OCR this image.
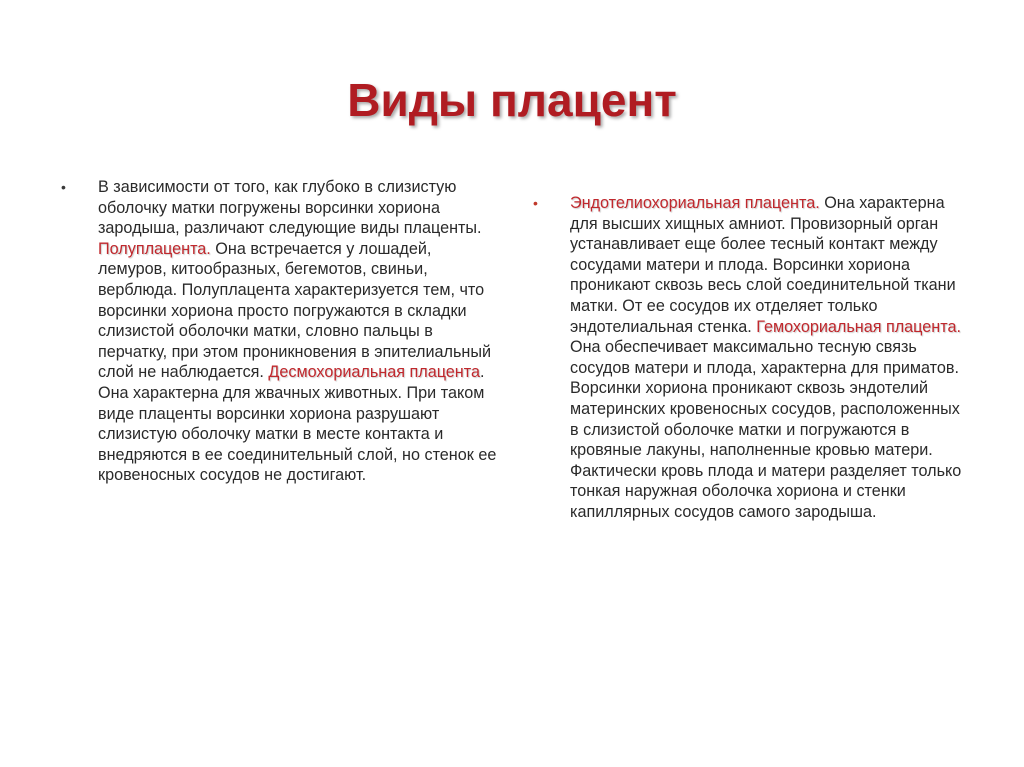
Виды плацент
• В зависимости от того, как глубоко в слизистую оболочку матки погружены ворсинки хориона зародыша, различают следующие виды плаценты. Полуплацента. Она встречается у лошадей, лемуров, китообразных, бегемотов, свиньи, верблюда. Полуплацента характеризуется тем, что ворсинки хориона просто погружаются в складки слизистой оболочки матки, словно пальцы в перчатку, при этом проникновения в эпителиальный слой не наблюдается. Десмохориальная плацента. Она характерна для жвачных животных. При таком виде плаценты ворсинки хориона разрушают слизистую оболочку матки в месте контакта и внедряются в ее соединительный слой, но стенок ее кровеносных сосудов не достигают.

• Эндотелиохориальная плацента. Она характерна для высших хищных амниот. Провизорный орган устанавливает еще более тесный контакт между сосудами матери и плода. Ворсинки хориона проникают сквозь весь слой соединительной ткани матки. От ее сосудов их отделяет только эндотелиальная стенка. Гемохориальная плацента. Она обеспечивает максимально тесную связь сосудов матери и плода, характерна для приматов. Ворсинки хориона проникают сквозь эндотелий материнских кровеносных сосудов, расположенных в слизистой оболочке матки и погружаются в кровяные лакуны, наполненные кровью матери. Фактически кровь плода и матери разделяет только тонкая наружная оболочка хориона и стенки капиллярных сосудов самого зародыша.
